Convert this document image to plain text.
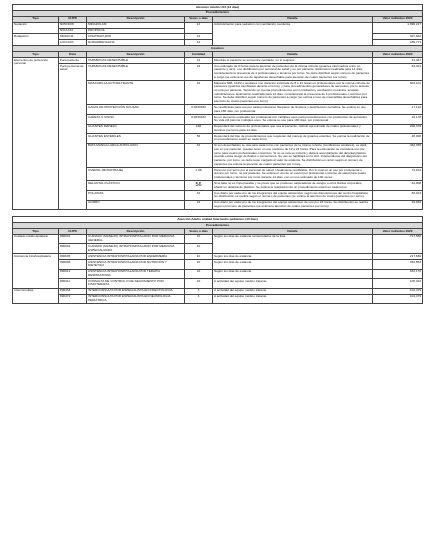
Atención Adulto UCI (14 días)					
Procedimientos					
Tipo	CUPS	Descripción	Veces o días	Detalle	Valor individuo 2020
Sedación	N05CD08	MIDAZOLAM	14	Administración para sedación con ventilación mecánica.	1,096,217
	N01AX10	PROPOFOL			
Relajación	M03AC11	CISATRACURIO	14		307,662
	C01CA03	NORADRENALINA	14		189,771
Insumos					
Tipo	Para	Descripción	Cantidad	Detalle	Valor individuo 2020
Elementos de protección personal	Para paciente	TAPABOCAS DESECHABLE	14	Mientras el paciente se encuentre ventilado, no lo requiere.	21,467
	Para personal de salud	TAPABOCAS DESECHABLE	42	Uso estimado de 6 horas para la atención de pacientes de la misma cohorte (guantes intermedios entre un paciente y otro), con distribución por personal de salud y no por paciente. Estimación realizada para 14 días, considerando la presencia de 4 profesionales o técnicos por turno. Se debe distribuir según número de pacientes a cargo (se estima al uso de tapabocas desechable para atención de cuatro pacientes por turno).	64,401
		MASCARILLA AUTOFILTRANTE	42	Máscara N95, FFP2 o similares con duración estimada de 8 a 12 horas en profesionales con la misma cohorte de pacientes (guantes cambiados durante el turno), y para procedimientos generadores de aerosoles, por lo anterior no rota por paciente. Teniendo en cuenta procedimientos como intubación, ventilación mecánica, terapias, nebulizaciones. Estimación realizada para 14 días, considerando la presencia de 4 profesionales o técnicos por turno. Se debe distribuir según número de pacientes a cargo (se estima el uso de mascarillas desechables para atención de cuatro pacientes por turno).	603,101
		GAFAS DE PROTECCIÓN OCULAR	0.9333333	Se reutilizarán para uso por cada profesional. Requiere de limpieza y desinfección periódica. Se estima su uso para 180 días, por profesional.	17,122
		CARETA U VISOR	0.9333333	Es un elemento empleado por profesional con múltiples usos para procedimientos con producción de aerosoles. Su vida útil permite múltiples usos. Se estima su uso para 180 días, por profesional.	16,178
		GUANTES MANEJO	168	Dependerá del número de profesionales que vea al paciente, cálculo aproximado de cuatro profesionales y técnicos por turno para 14 días.	208,376
		GUANTES ESTÉRILES	56	Dependerá del tipo de procedimientos que requieran del manejo de guantes estériles. Se estima la realización de un procedimiento estéril en cada turno.	28,000
		BATA MANGA LARGA ANTIFLUIDO	42	Si son desechables se usa para cada turno con pacientes de la misma cohorte (condiciones similares), se dará uso en por paciente, pueden tener un uso continuo de 12 a 24 horas. Para la estimación se considera uso por turno para cuatro profesionales o técnicos. Si no se rota se incluirá y deberá acompañarse del delantal plástico cuando exista riesgo de fluidos o secreciones. Su uso se habilitará en la UCI, independiente del diagnóstico del paciente, por turno, se debe tener cargado al valor de estancia. Se distribuirán en razón según el número de pacientes (se estima la atención de cuatro pacientes por turno).	463,355
		OVEROL (MONOTRAJE)	1.68	Para uso por turno por el personal de salud. Usualmente reutilizable. Por lo cual es un uso por profesional o técnico por turno, no por paciente. Se estima el uso de un overol por profesional o técnico de salud para cuatro profesionales y técnicos por turno durante 14 días, con un uso estimado de 100 veces.	74,014
		DELANTAL PLÁSTICO	56	Si la bata no es impermeable y se prevé que se producen salpicaduras de sangre u otros fluidos corporales, añadir un delantal de plástico. Se estima la realización de un procedimiento estéril en cada turno.	64,008
		POLAINAS	42	Uso diario por cada uno de los integrantes del equipo asistencial, según las disposiciones del centro hospitalario. Su distribución se realiza según el número de pacientes (se estima la atención de cuatro pacientes por turno).	83,013
		GORRO	42	Uso diario por cada uno de los integrantes del equipo asistencial, de uso por 24 horas. Su distribución se realiza según el número de pacientes (se estima la atención de cuatro pacientes por turno).	29,940
Atención Adulto unidad Intermedio pediátrico (10 días)					
Procedimientos					
Tipo	CUPS	Descripción	Veces o días	Detalle	Valor individuo 2020
Cuidado intrahospitalario	890601	CUIDADO (MANEJO) INTRAHOSPITALARIO POR MEDICINA GENERAL	10	Según los días de estancia contemplados de la lista.	717,586
	890602	CUIDADO (MANEJO) INTRAHOSPITALARIO POR MEDICINA ESPECIALIZADA	10		
Asistencia intrahospitalaria	890605	ASISTENCIA INTRAHOSPITALARIA POR ENFERMERÍA	10	Según los días de estancia.	217,680
	890606	ASISTENCIA INTRAHOSPITALARIA POR NUTRICIÓN Y DIETÉTICA	10	Según los días de estancia.	352,853
	890612	ASISTENCIA INTRAHOSPITALARIA POR TERAPIA RESPIRATORIA	10	Según los días de estancia.	933,170
	890311	CONSULTA DE CONTROL O DE SEGUIMIENTO POR FISIOTERAPIA	10	A actividad del equipo médico tratante.	105,322
Interconsultas	890454	INTERCONSULTA POR ESPECIALISTA EN INFECTOLOGÍA	3	A actividad del equipo médico tratante.	104,479
	890472	INTERCONSULTA POR ESPECIALISTA EN NEUMOLOGÍA PEDIÁTRICA	3	A actividad del equipo médico tratante.	104,479
